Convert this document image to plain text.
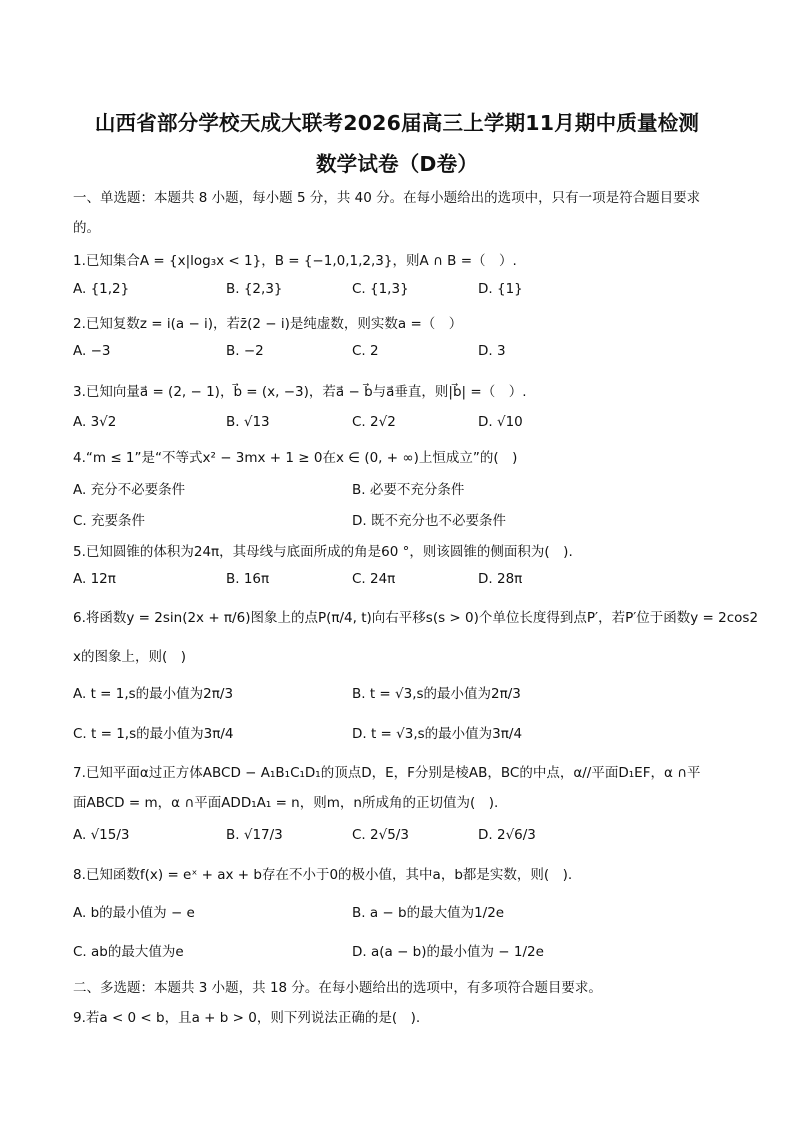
山西省部分学校天成大联考2026届高三上学期11月期中质量检测
数学试卷（D卷）
一、单选题：本题共 8 小题，每小题 5 分，共 40 分。在每小题给出的选项中，只有一项是符合题目要求
的。
1.已知集合A = {x|log₃x < 1}，B = {−1,0,1,2,3}，则A ∩ B =（　）.
A. {1,2}	B. {2,3}	C. {1,3}	D. {1}
2.已知复数z = i(a − i)，若z̄(2 − i)是纯虚数，则实数a =（　）
A. −3	B. −2	C. 2	D. 3
3.已知向量a⃗ = (2, − 1)，b⃗ = (x, −3)，若a⃗ − b⃗与a⃗垂直，则|b⃗| =（　）.
A. 3√2	B. √13	C. 2√2	D. √10
4.“m ≤ 1”是“不等式x² − 3mx + 1 ≥ 0在x ∈ (0, + ∞)上恒成立”的(　)
A. 充分不必要条件	B. 必要不充分条件
C. 充要条件	D. 既不充分也不必要条件
5.已知圆锥的体积为24π，其母线与底面所成的角是60 °，则该圆锥的侧面积为(　).
A. 12π	B. 16π	C. 24π	D. 28π
6.将函数y = 2sin(2x + π/6)图象上的点P(π/4, t)向右平移s(s > 0)个单位长度得到点P′，若P′位于函数y = 2cos2
x的图象上，则(　)
A. t = 1,s的最小值为2π/3	B. t = √3,s的最小值为2π/3
C. t = 1,s的最小值为3π/4	D. t = √3,s的最小值为3π/4
7.已知平面α过正方体ABCD − A₁B₁C₁D₁的顶点D，E，F分别是棱AB，BC的中点，α//平面D₁EF，α ∩平
面ABCD = m，α ∩平面ADD₁A₁ = n，则m，n所成角的正切值为(　).
A. √15/3	B. √17/3	C. 2√5/3	D. 2√6/3
8.已知函数f(x) = eˣ + ax + b存在不小于0的极小值，其中a，b都是实数，则(　).
A. b的最小值为 − e	B. a − b的最大值为1/2e
C. ab的最大值为e	D. a(a − b)的最小值为 − 1/2e
二、多选题：本题共 3 小题，共 18 分。在每小题给出的选项中，有多项符合题目要求。
9.若a < 0 < b，且a + b > 0，则下列说法正确的是(　).
